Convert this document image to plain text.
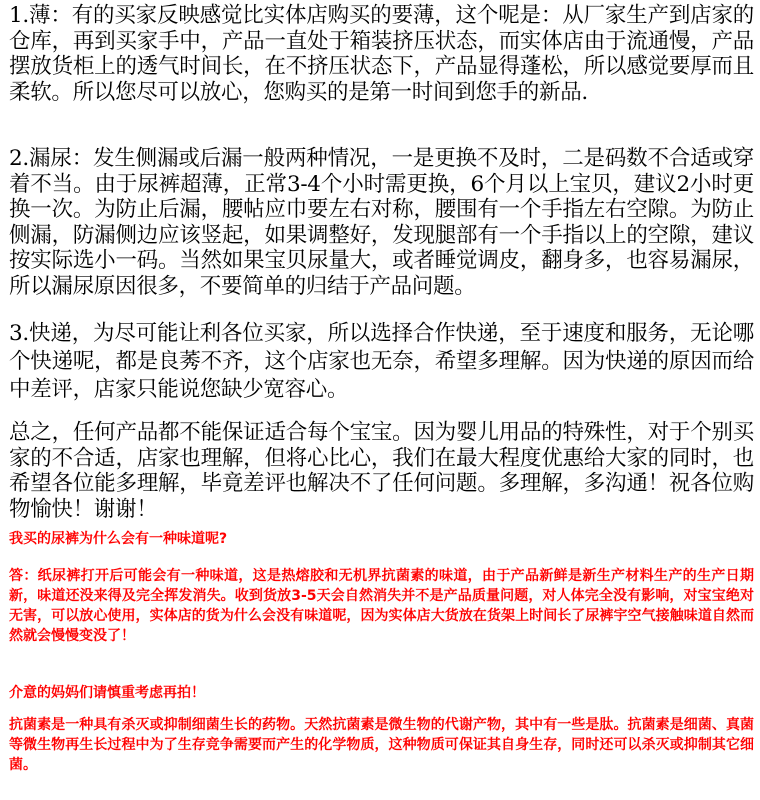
1.薄：有的买家反映感觉比实体店购买的要薄，这个呢是：从厂家生产到店家的仓库，再到买家手中，产品一直处于箱装挤压状态，而实体店由于流通慢，产品摆放货柜上的透气时间长，在不挤压状态下，产品显得蓬松，所以感觉要厚而且柔软。所以您尽可以放心，您购买的是第一时间到您手的新品.

2.漏尿：发生侧漏或后漏一般两种情况，一是更换不及时，二是码数不合适或穿着不当。由于尿裤超薄，正常3-4个小时需更换，6个月以上宝贝，建议2小时更换一次。为防止后漏，腰帖应巾要左右对称，腰围有一个手指左右空隙。为防止侧漏，防漏侧边应该竖起，如果调整好，发现腿部有一个手指以上的空隙，建议按实际选小一码。当然如果宝贝尿量大，或者睡觉调皮，翻身多，也容易漏尿，所以漏尿原因很多，不要简单的归结于产品问题。

3.快递，为尽可能让利各位买家，所以选择合作快递，至于速度和服务，无论哪个快递呢，都是良莠不齐，这个店家也无奈，希望多理解。因为快递的原因而给中差评，店家只能说您缺少宽容心。

总之，任何产品都不能保证适合每个宝宝。因为婴儿用品的特殊性，对于个别买家的不合适，店家也理解，但将心比心，我们在最大程度优惠给大家的同时，也希望各位能多理解，毕竟差评也解决不了任何问题。多理解，多沟通！祝各位购物愉快！谢谢！

我买的尿裤为什么会有一种味道呢?

答：纸尿裤打开后可能会有一种味道，这是热熔胶和无机界抗菌素的味道，由于产品新鲜是新生产材料生产的生产日期新，味道还没来得及完全挥发消失。收到货放3-5天会自然消失并不是产品质量问题，对人体完全没有影响，对宝宝绝对无害，可以放心使用，实体店的货为什么会没有味道呢，因为实体店大货放在货架上时间长了尿裤宇空气接触味道自然而然就会慢慢变没了！

介意的妈妈们请慎重考虑再拍！

抗菌素是一种具有杀灭或抑制细菌生长的药物。天然抗菌素是微生物的代谢产物，其中有一些是肽。抗菌素是细菌、真菌等微生物再生长过程中为了生存竞争需要而产生的化学物质，这种物质可保证其自身生存，同时还可以杀灭或抑制其它细菌。
